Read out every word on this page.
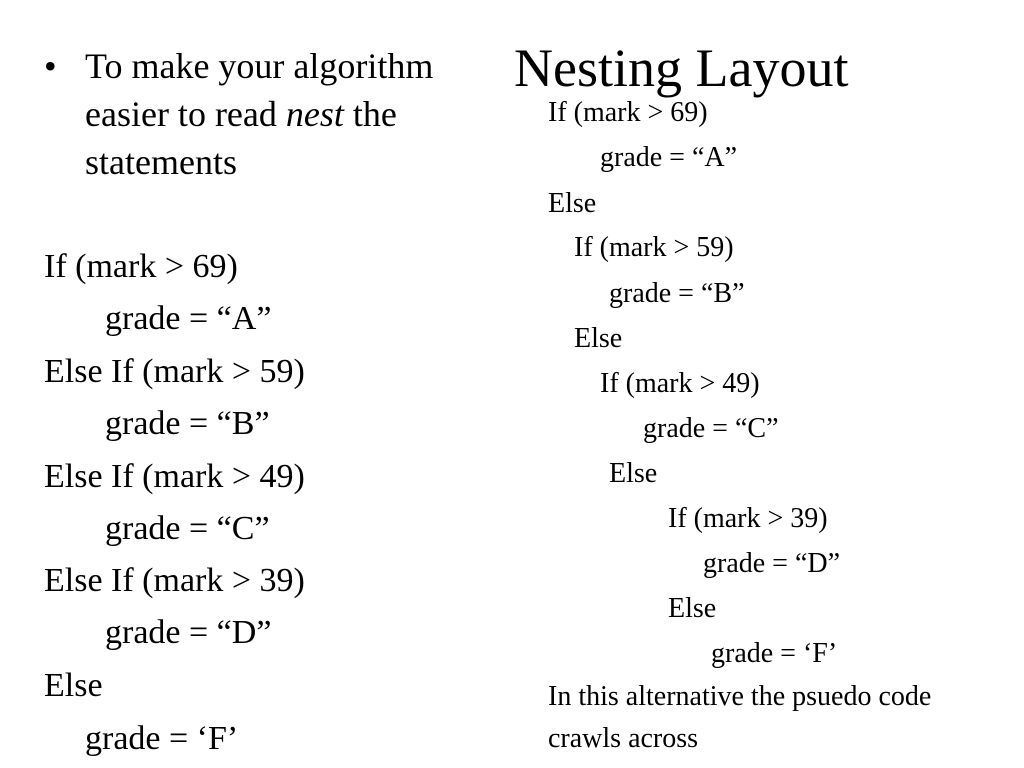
Nesting Layout
• To make your algorithm easier to read nest the statements
If (mark > 69)
grade = “A”
Else If (mark > 59)
grade = “B”
Else If (mark > 49)
grade = “C”
Else If (mark > 39)
grade = “D”
Else
grade = ‘F’
If (mark > 69)
grade = “A”
Else
If (mark > 59)
grade = “B”
Else
If (mark > 49)
grade = “C”
Else
If (mark > 39)
grade = “D”
Else
grade = ‘F’
In this alternative the psuedo code crawls across
